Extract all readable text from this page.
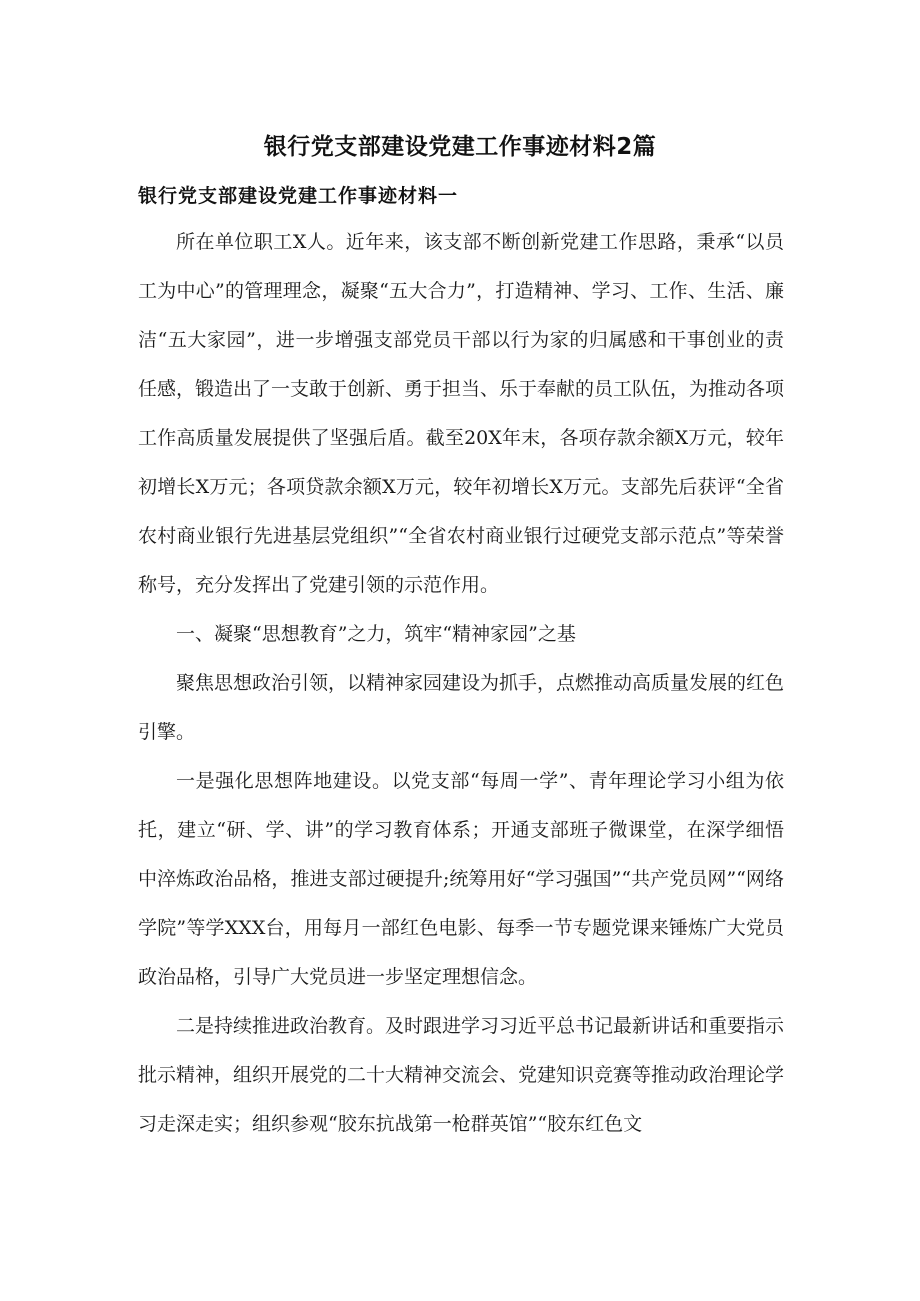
银行党支部建设党建工作事迹材料2篇
银行党支部建设党建工作事迹材料一

所在单位职工X人。近年来，该支部不断创新党建工作思路，秉承“以员工为中心”的管理理念，凝聚“五大合力”，打造精神、学习、工作、生活、廉洁“五大家园”，进一步增强支部党员干部以行为家的归属感和干事创业的责任感，锻造出了一支敢于创新、勇于担当、乐于奉献的员工队伍，为推动各项工作高质量发展提供了坚强后盾。截至20X年末，各项存款余额X万元，较年初增长X万元；各项贷款余额X万元，较年初增长X万元。支部先后获评“全省农村商业银行先进基层党组织”“全省农村商业银行过硬党支部示范点”等荣誉称号，充分发挥出了党建引领的示范作用。

一、凝聚“思想教育”之力，筑牢“精神家园”之基

聚焦思想政治引领，以精神家园建设为抓手，点燃推动高质量发展的红色引擎。

一是强化思想阵地建设。以党支部“每周一学”、青年理论学习小组为依托，建立“研、学、讲”的学习教育体系；开通支部班子微课堂，在深学细悟中淬炼政治品格，推进支部过硬提升;统筹用好“学习强国”“共产党员网”“网络学院”等学XXX台，用每月一部红色电影、每季一节专题党课来锤炼广大党员政治品格，引导广大党员进一步坚定理想信念。

二是持续推进政治教育。及时跟进学习习近平总书记最新讲话和重要指示批示精神，组织开展党的二十大精神交流会、党建知识竞赛等推动政治理论学习走深走实；组织参观“胶东抗战第一枪群英馆”“胶东红色文
